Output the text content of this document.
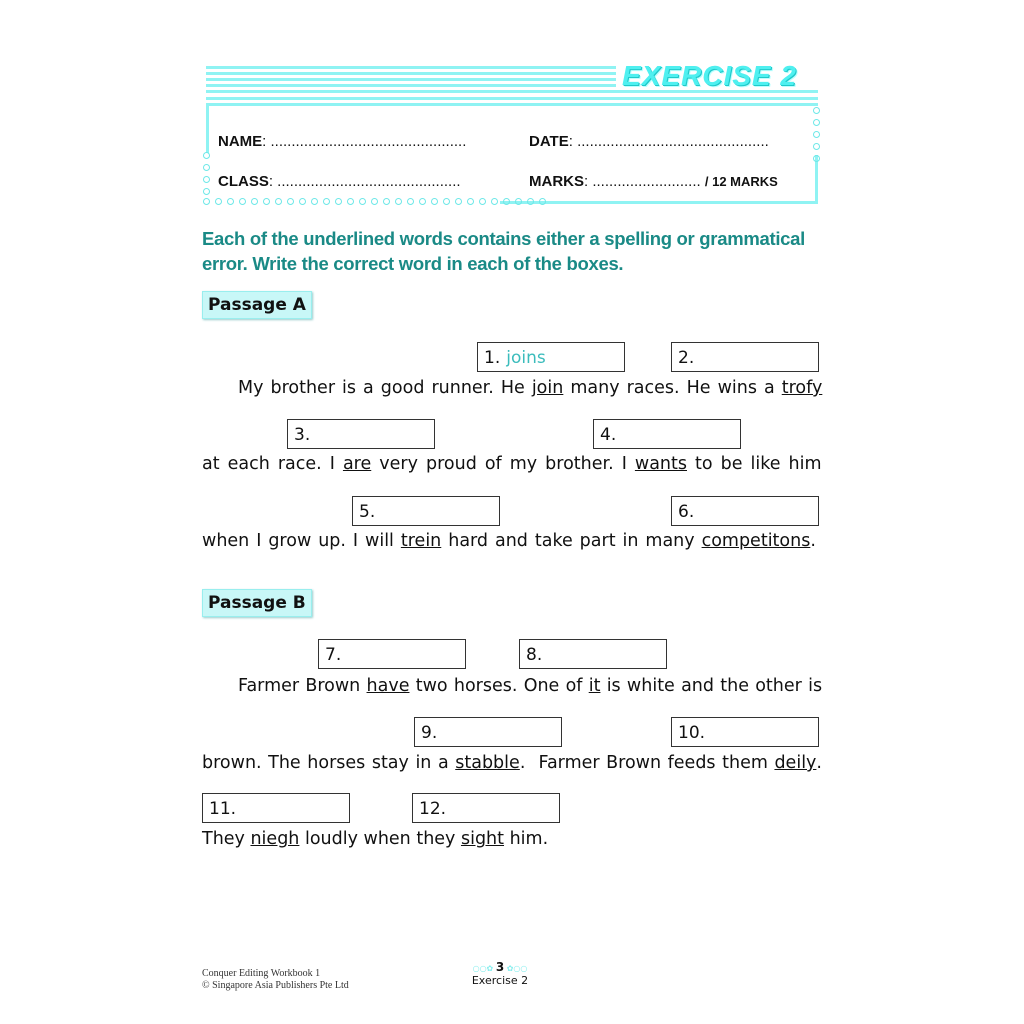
EXERCISE 2
NAME: ...............................................	DATE: ..............................................
CLASS: ............................................	MARKS: .......................... / 12 MARKS
Each of the underlined words contains either a spelling or grammatical error. Write the correct word in each of the boxes.
Passage A
Passage B
1. joins	2.
3.	4.
5.	6.
7.	8.
9.	10.
11.	12.
My brother is a good runner. He join many races. He wins a trofy
at each race. I are very proud of my brother. I wants to be like him
when I grow up. I will trein hard and take part in many competitons .
Farmer Brown have two horses. One of it is white and the other is
brown. The horses stay in a stabble .  Farmer Brown feeds them deily .
They niegh loudly when they sight him.
Conquer Editing Workbook 1
© Singapore Asia Publishers Pte Ltd
○○✿ 3 ✿○○
Exercise 2
